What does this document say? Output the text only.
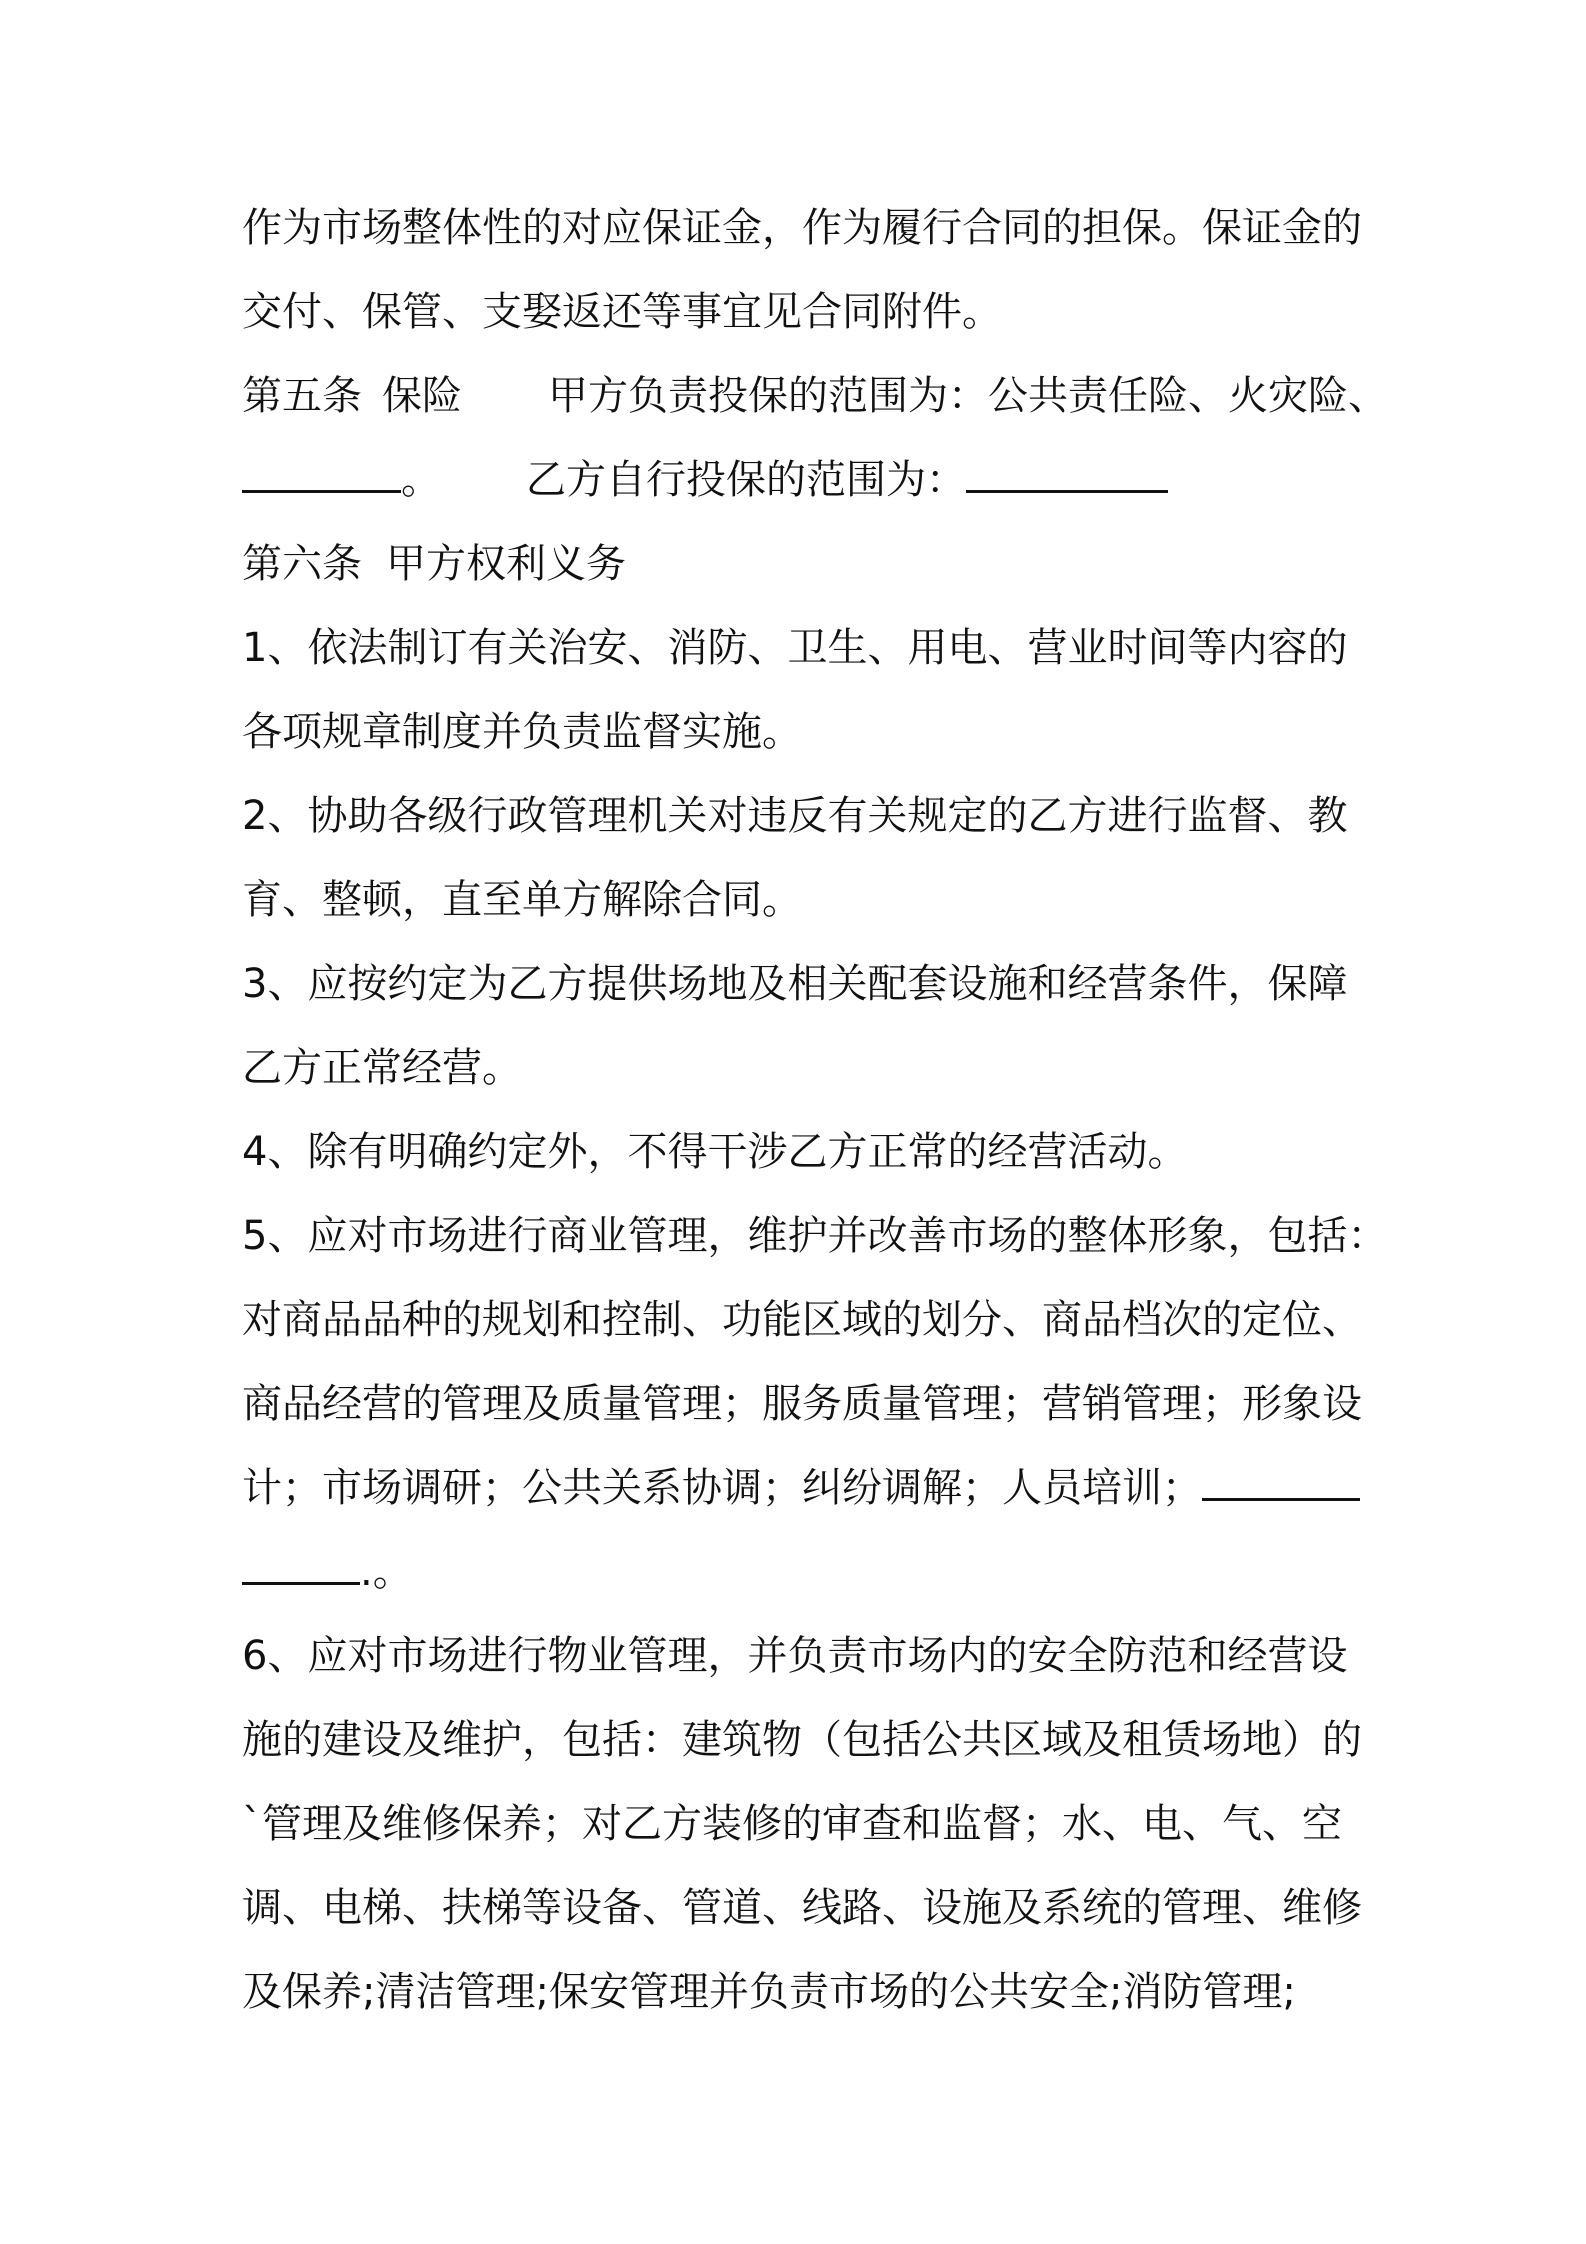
作为市场整体性的对应保证金，作为履行合同的担保。保证金的
交付、保管、支娶返还等事宜见合同附件。
第五条 保险 甲方负责投保的范围为：公共责任险、火灾险、
。 乙方自行投保的范围为：
第六条 甲方权利义务
1、依法制订有关治安、消防、卫生、用电、营业时间等内容的
各项规章制度并负责监督实施。
2、协助各级行政管理机关对违反有关规定的乙方进行监督、教
育、整顿，直至单方解除合同。
3、应按约定为乙方提供场地及相关配套设施和经营条件，保障
乙方正常经营。
4、除有明确约定外，不得干涉乙方正常的经营活动。
5、应对市场进行商业管理，维护并改善市场的整体形象，包括：
对商品品种的规划和控制、功能区域的划分、商品档次的定位、
商品经营的管理及质量管理；服务质量管理；营销管理；形象设
计；市场调研；公共关系协调；纠纷调解；人员培训；
.。
6、应对市场进行物业管理，并负责市场内的安全防范和经营设
施的建设及维护，包括：建筑物（包括公共区域及租赁场地）的
`管理及维修保养；对乙方装修的审查和监督；水、电、气、空
调、电梯、扶梯等设备、管道、线路、设施及系统的管理、维修
及保养;清洁管理;保安管理并负责市场的公共安全;消防管理;
